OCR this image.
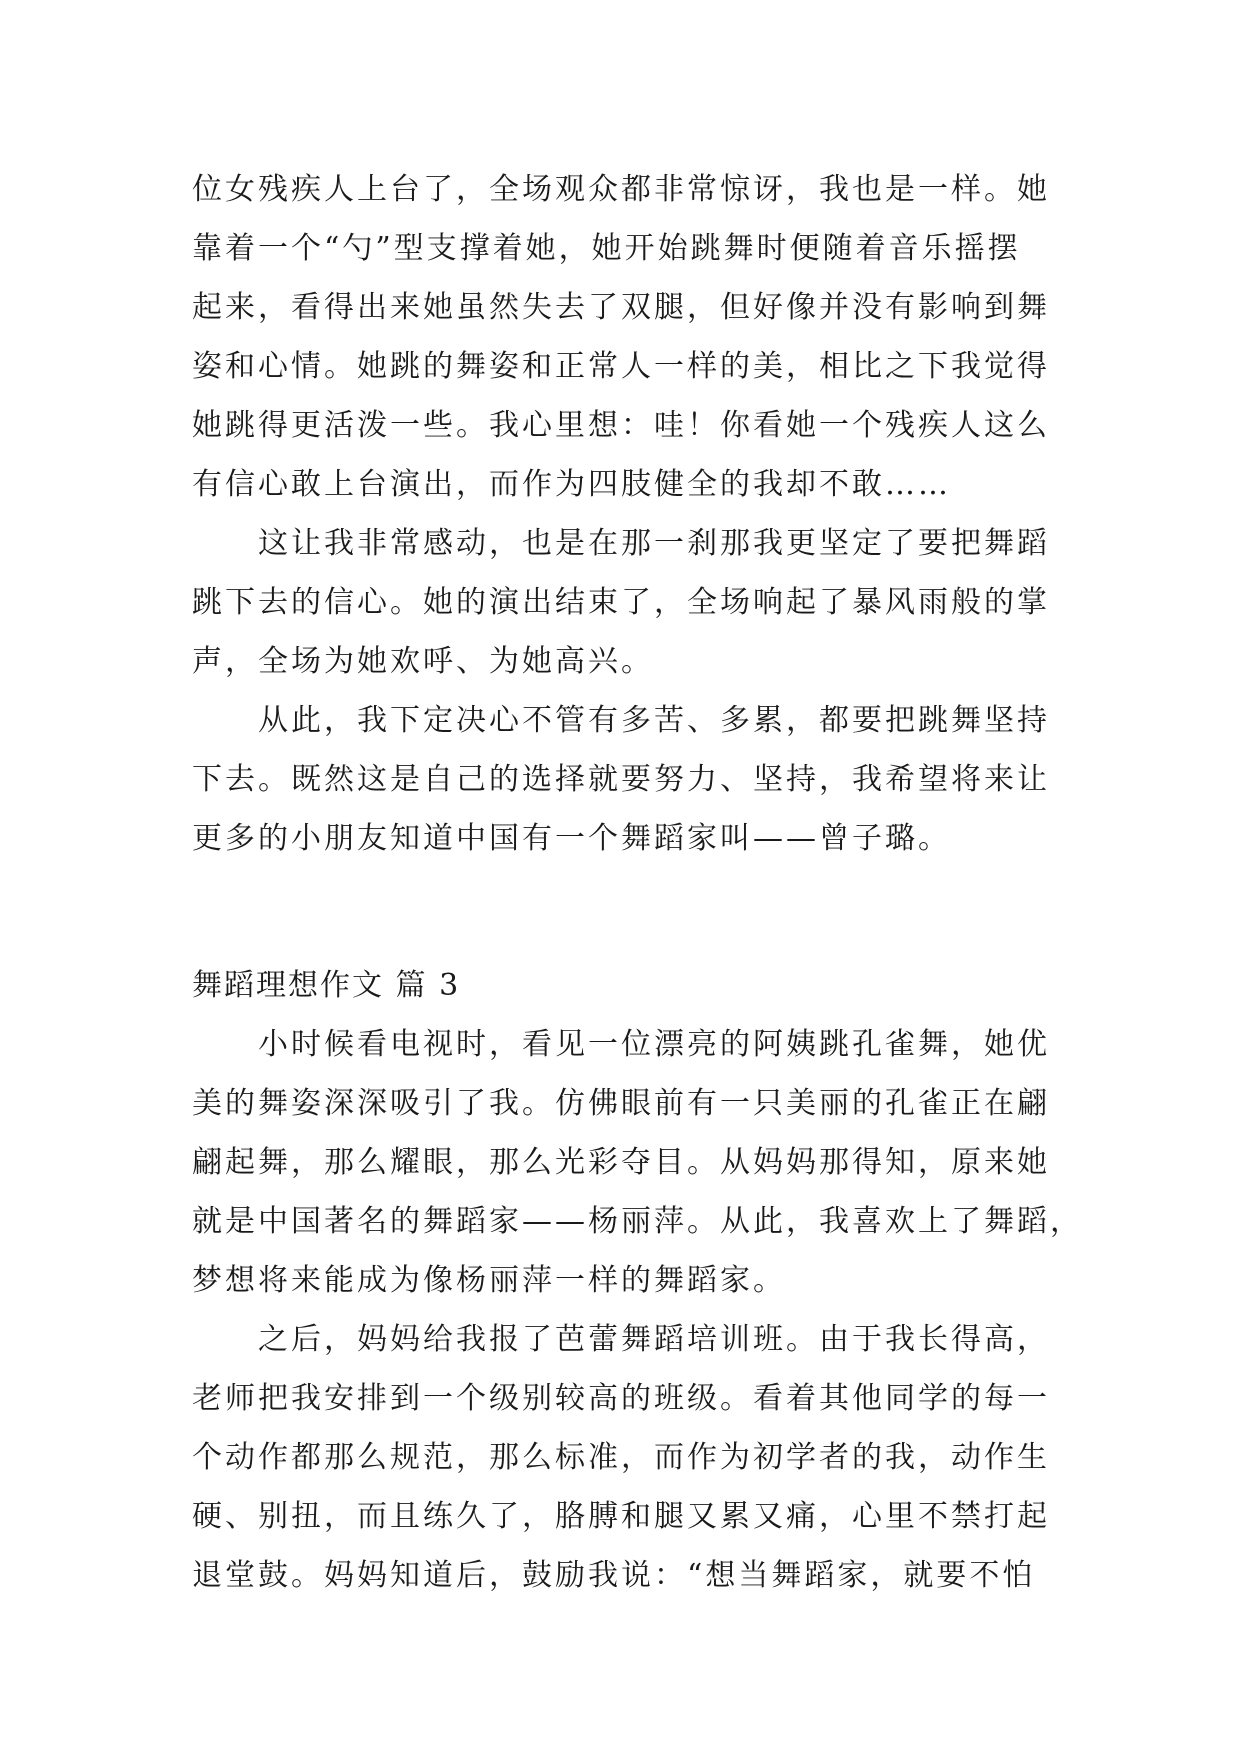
位女残疾人上台了，全场观众都非常惊讶，我也是一样。她
靠着一个“勺”型支撑着她，她开始跳舞时便随着音乐摇摆
起来，看得出来她虽然失去了双腿，但好像并没有影响到舞
姿和心情。她跳的舞姿和正常人一样的美，相比之下我觉得
她跳得更活泼一些。我心里想：哇！你看她一个残疾人这么
有信心敢上台演出，而作为四肢健全的我却不敢……
　　这让我非常感动，也是在那一刹那我更坚定了要把舞蹈
跳下去的信心。她的演出结束了，全场响起了暴风雨般的掌
声，全场为她欢呼、为她高兴。
　　从此，我下定决心不管有多苦、多累，都要把跳舞坚持
下去。既然这是自己的选择就要努力、坚持，我希望将来让
更多的小朋友知道中国有一个舞蹈家叫——曾子璐。
舞蹈理想作文 篇 3
　　小时候看电视时，看见一位漂亮的阿姨跳孔雀舞，她优
美的舞姿深深吸引了我。仿佛眼前有一只美丽的孔雀正在翩
翩起舞，那么耀眼，那么光彩夺目。从妈妈那得知，原来她
就是中国著名的舞蹈家——杨丽萍。从此，我喜欢上了舞蹈，
梦想将来能成为像杨丽萍一样的舞蹈家。
　　之后，妈妈给我报了芭蕾舞蹈培训班。由于我长得高，
老师把我安排到一个级别较高的班级。看着其他同学的每一
个动作都那么规范，那么标准，而作为初学者的我，动作生
硬、别扭，而且练久了，胳膊和腿又累又痛，心里不禁打起
退堂鼓。妈妈知道后，鼓励我说：“想当舞蹈家，就要不怕
